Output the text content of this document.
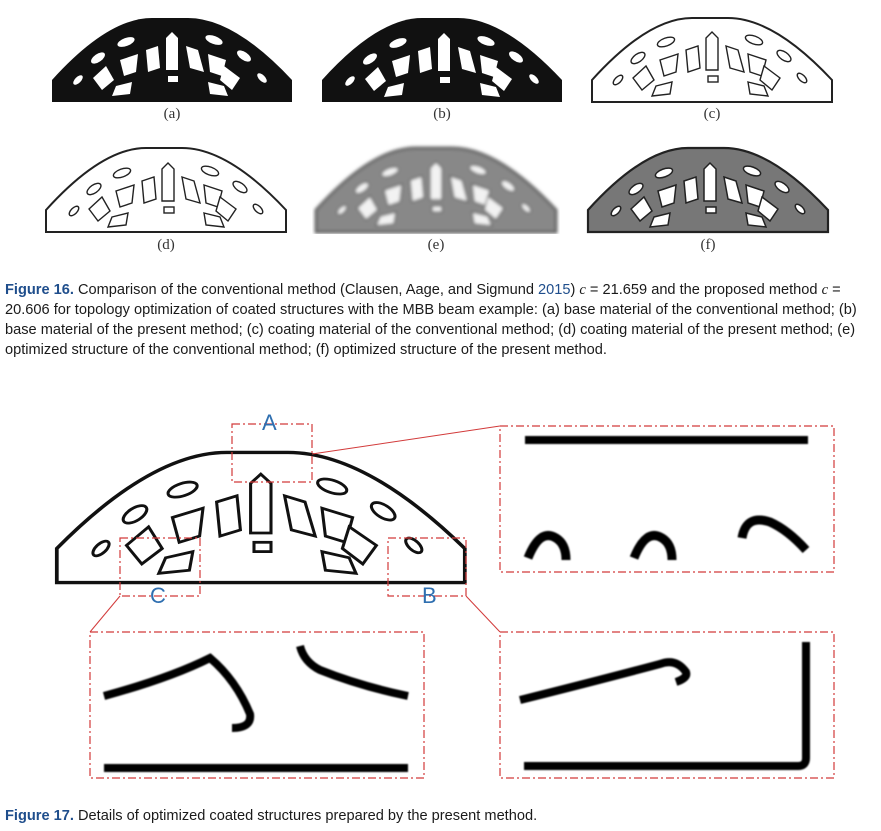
(a)	(b)	(c)
(d)	(e)	(f)
Figure 16. Comparison of the conventional method (Clausen, Aage, and Sigmund 2015) c = 21.659 and the proposed method c = 20.606 for topology optimization of coated structures with the MBB beam example: (a) base material of the conventional method; (b) base material of the present method; (c) coating material of the conventional method; (d) coating material of the present method; (e) optimized structure of the conventional method; (f) optimized structure of the present method.
A
B
C
Figure 17. Details of optimized coated structures prepared by the present method.
